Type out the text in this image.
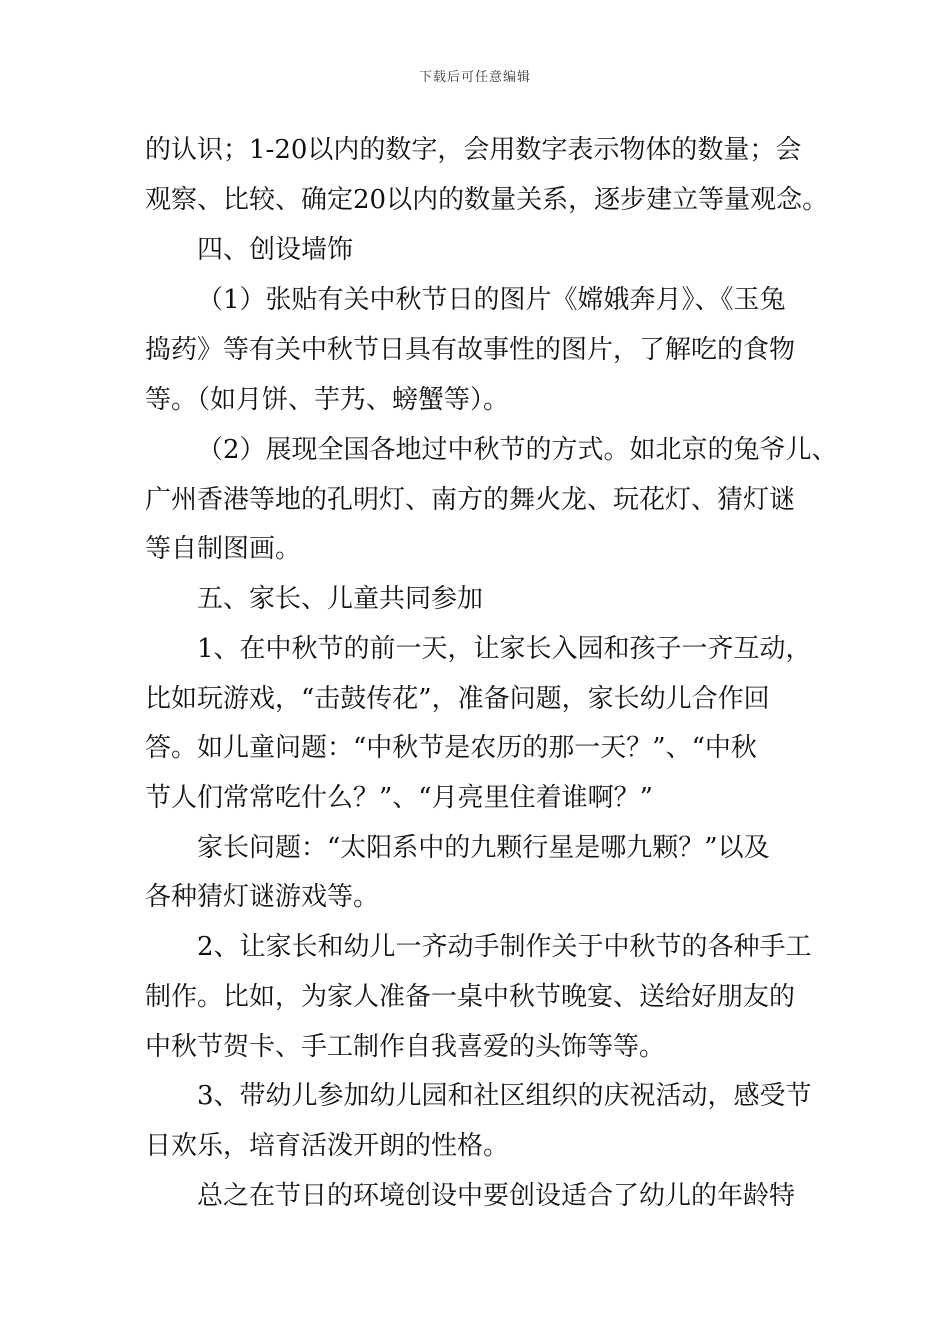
下载后可任意编辑
的认识；1-20以内的数字，会用数字表示物体的数量；会
观察、比较、确定20以内的数量关系，逐步建立等量观念。
四、创设墙饰
（1）张贴有关中秋节日的图片《嫦娥奔月》、《玉兔
捣药》等有关中秋节日具有故事性的图片，了解吃的食物
等。（如月饼、芋艿、螃蟹等）。
（2）展现全国各地过中秋节的方式。如北京的兔爷儿、
广州香港等地的孔明灯、南方的舞火龙、玩花灯、猜灯谜
等自制图画。
五、家长、儿童共同参加
1、在中秋节的前一天，让家长入园和孩子一齐互动，
比如玩游戏，“击鼓传花”，准备问题，家长幼儿合作回
答。如儿童问题：“中秋节是农历的那一天？”、“中秋
节人们常常吃什么？”、“月亮里住着谁啊？”
家长问题：“太阳系中的九颗行星是哪九颗？”以及
各种猜灯谜游戏等。
2、让家长和幼儿一齐动手制作关于中秋节的各种手工
制作。比如，为家人准备一桌中秋节晚宴、送给好朋友的
中秋节贺卡、手工制作自我喜爱的头饰等等。
3、带幼儿参加幼儿园和社区组织的庆祝活动，感受节
日欢乐，培育活泼开朗的性格。
总之在节日的环境创设中要创设适合了幼儿的年龄特
